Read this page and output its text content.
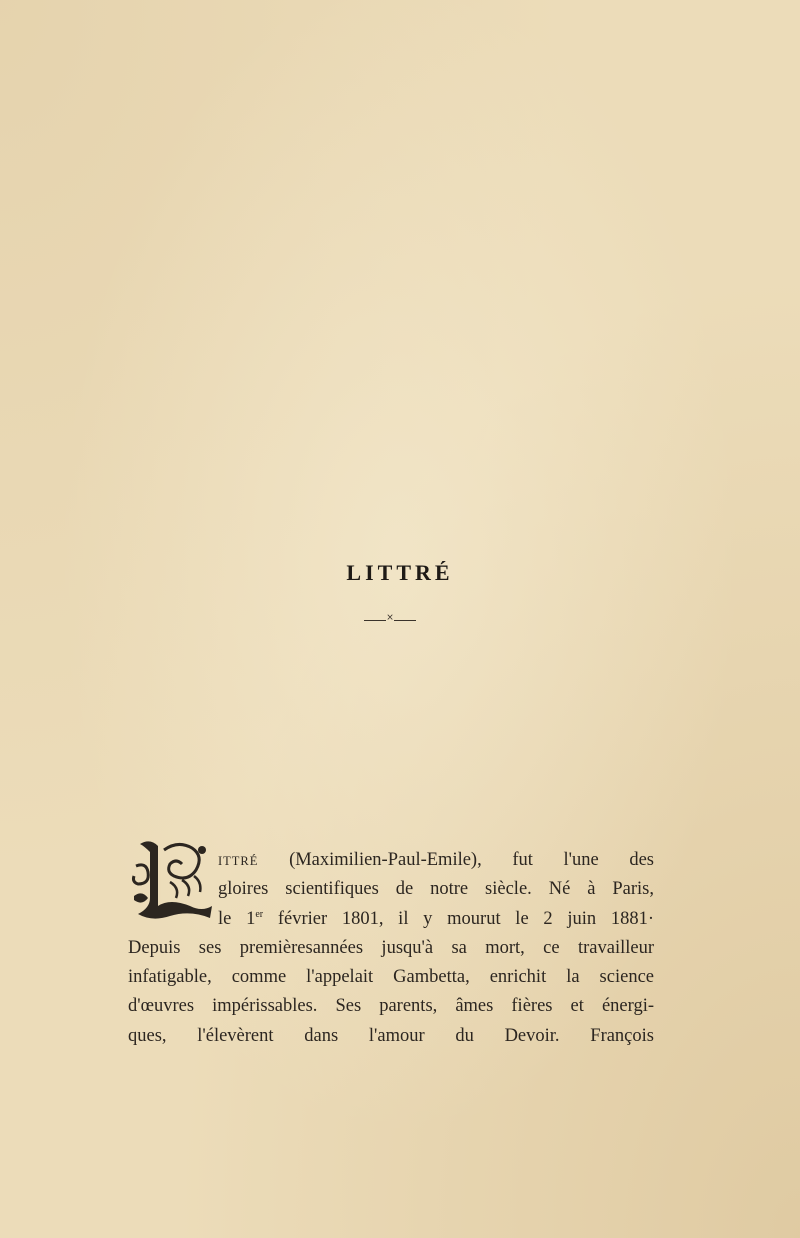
LITTRÉ
×
ITTRÉ (Maximilien-Paul-Emile), fut l'une des
gloires scientifiques de notre siècle. Né à Paris,
le 1er février 1801, il y mourut le 2 juin 1881·
Depuis ses premièresannées jusqu'à sa mort, ce travailleur
infatigable, comme l'appelait Gambetta, enrichit la science
d'œuvres impérissables. Ses parents, âmes fières et énergi-
ques, l'élevèrent dans l'amour du Devoir. François
